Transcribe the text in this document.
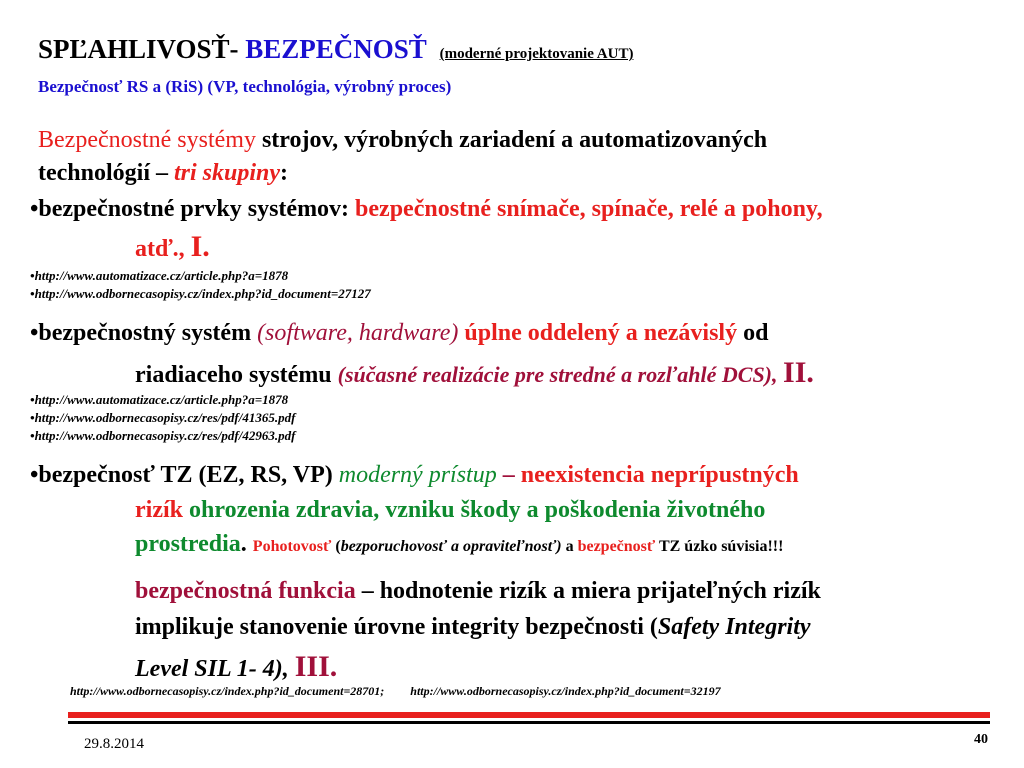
SPĽAHLIVOSŤ- BEZPEČNOSŤ (moderné projektovanie AUT)
Bezpečnosť RS a (RiS) (VP, technológia, výrobný proces)
Bezpečnostné systémy strojov, výrobných zariadení a automatizovaných
technológií – tri skupiny:
•bezpečnostné prvky systémov: bezpečnostné snímače, spínače, relé a pohony,
atď., I.
•http://www.automatizace.cz/article.php?a=1878
•http://www.odbornecasopisy.cz/index.php?id_document=27127
•bezpečnostný systém (software, hardware) úplne oddelený a nezávislý od
riadiaceho systému (súčasné realizácie pre stredné a rozľahlé DCS), II.
•http://www.automatizace.cz/article.php?a=1878
•http://www.odbornecasopisy.cz/res/pdf/41365.pdf
•http://www.odbornecasopisy.cz/res/pdf/42963.pdf
•bezpečnosť TZ (EZ, RS, VP) moderný prístup – neexistencia neprípustných
rizík ohrozenia zdravia, vzniku škody a poškodenia životného
prostredia. Pohotovosť (bezporuchovosť a opraviteľnosť) a bezpečnosť TZ úzko súvisia!!!
bezpečnostná funkcia – hodnotenie rizík a miera prijateľných rizík
implikuje stanovenie úrovne integrity bezpečnosti (Safety Integrity
Level SIL 1- 4), III.
http://www.odbornecasopisy.cz/index.php?id_document=28701; http://www.odbornecasopisy.cz/index.php?id_document=32197
29.8.2014	40
